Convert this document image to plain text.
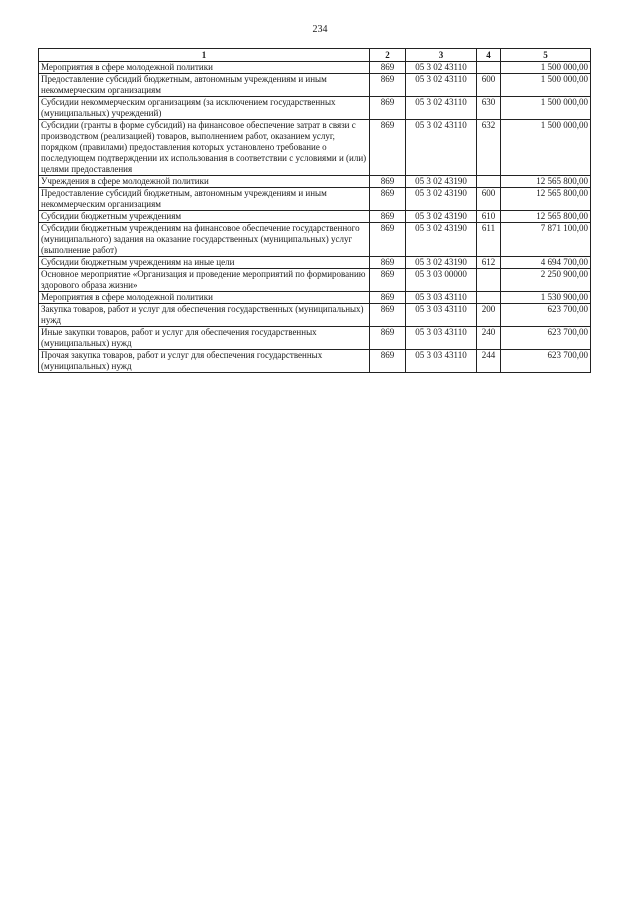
234
1	2	3	4	5
Мероприятия в сфере молодежной политики	869	05 3 02 43110		1 500 000,00
Предоставление субсидий бюджетным, автономным учреждениям и иным некоммерческим организациям	869	05 3 02 43110	600	1 500 000,00
Субсидии некоммерческим организациям (за исключением государственных (муниципальных) учреждений)	869	05 3 02 43110	630	1 500 000,00
Субсидии (гранты в форме субсидий) на финансовое обеспечение затрат в связи с производством (реализацией) товаров, выполнением работ, оказанием услуг, порядком (правилами) предоставления которых установлено требование о последующем подтверждении их использования в соответствии с условиями и (или) целями предоставления	869	05 3 02 43110	632	1 500 000,00
Учреждения в сфере молодежной политики	869	05 3 02 43190		12 565 800,00
Предоставление субсидий бюджетным, автономным учреждениям и иным некоммерческим организациям	869	05 3 02 43190	600	12 565 800,00
Субсидии бюджетным учреждениям	869	05 3 02 43190	610	12 565 800,00
Субсидии бюджетным учреждениям на финансовое обеспечение государственного (муниципального) задания на оказание государственных (муниципальных) услуг (выполнение работ)	869	05 3 02 43190	611	7 871 100,00
Субсидии бюджетным учреждениям на иные цели	869	05 3 02 43190	612	4 694 700,00
Основное мероприятие «Организация и проведение мероприятий по формированию здорового образа жизни»	869	05 3 03 00000		2 250 900,00
Мероприятия в сфере молодежной политики	869	05 3 03 43110		1 530 900,00
Закупка товаров, работ и услуг для обеспечения государственных (муниципальных) нужд	869	05 3 03 43110	200	623 700,00
Иные закупки товаров, работ и услуг для обеспечения государственных (муниципальных) нужд	869	05 3 03 43110	240	623 700,00
Прочая закупка товаров, работ и услуг для обеспечения государственных (муниципальных) нужд	869	05 3 03 43110	244	623 700,00
